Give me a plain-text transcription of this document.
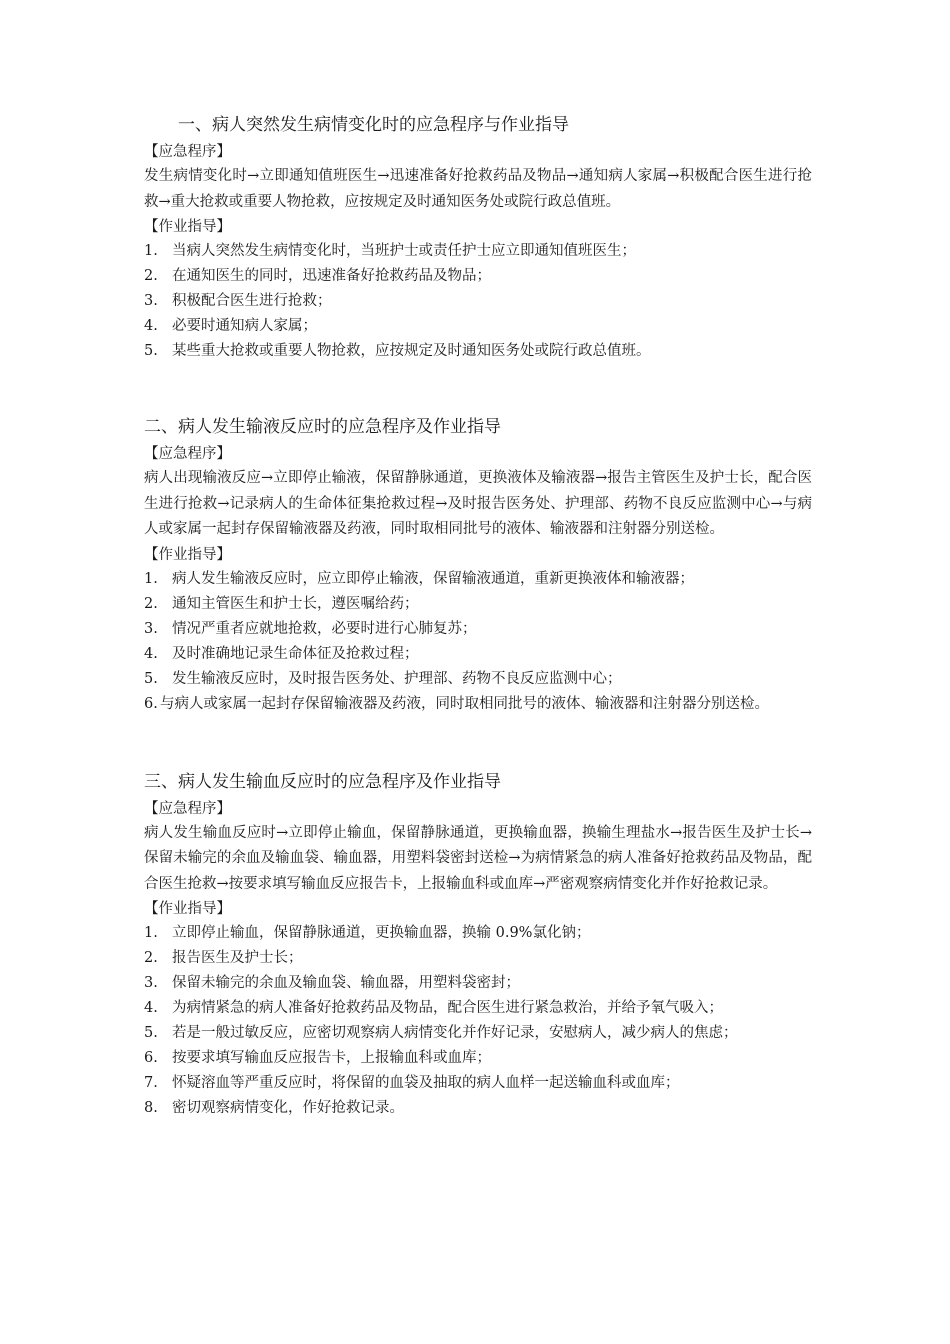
一、病人突然发生病情变化时的应急程序与作业指导
【应急程序】

发生病情变化时→立即通知值班医生→迅速准备好抢救药品及物品→通知病人家属→积极配合医生进行抢救→重大抢救或重要人物抢救，应按规定及时通知医务处或院行政总值班。

【作业指导】
1. 当病人突然发生病情变化时，当班护士或责任护士应立即通知值班医生；
2. 在通知医生的同时，迅速准备好抢救药品及物品；
3. 积极配合医生进行抢救；
4. 必要时通知病人家属；
5. 某些重大抢救或重要人物抢救，应按规定及时通知医务处或院行政总值班。
二、病人发生输液反应时的应急程序及作业指导
【应急程序】

病人出现输液反应→立即停止输液，保留静脉通道，更换液体及输液器→报告主管医生及护士长，配合医生进行抢救→记录病人的生命体征集抢救过程→及时报告医务处、护理部、药物不良反应监测中心→与病人或家属一起封存保留输液器及药液，同时取相同批号的液体、输液器和注射器分别送检。

【作业指导】
1. 病人发生输液反应时，应立即停止输液，保留输液通道，重新更换液体和输液器；
2. 通知主管医生和护士长，遵医嘱给药；
3. 情况严重者应就地抢救，必要时进行心肺复苏；
4. 及时准确地记录生命体征及抢救过程；
5. 发生输液反应时，及时报告医务处、护理部、药物不良反应监测中心；
6. 与病人或家属一起封存保留输液器及药液，同时取相同批号的液体、输液器和注射器分别送检。
三、病人发生输血反应时的应急程序及作业指导
【应急程序】

病人发生输血反应时→立即停止输血，保留静脉通道，更换输血器，换输生理盐水→报告医生及护士长→保留未输完的余血及输血袋、输血器，用塑料袋密封送检→为病情紧急的病人准备好抢救药品及物品，配合医生抢救→按要求填写输血反应报告卡，上报输血科或血库→严密观察病情变化并作好抢救记录。

【作业指导】
1. 立即停止输血，保留静脉通道，更换输血器，换输 0.9%氯化钠；
2. 报告医生及护士长；
3. 保留未输完的余血及输血袋、输血器，用塑料袋密封；
4. 为病情紧急的病人准备好抢救药品及物品，配合医生进行紧急救治，并给予氧气吸入；
5. 若是一般过敏反应，应密切观察病人病情变化并作好记录，安慰病人，减少病人的焦虑；
6. 按要求填写输血反应报告卡，上报输血科或血库；
7. 怀疑溶血等严重反应时，将保留的血袋及抽取的病人血样一起送输血科或血库；
8. 密切观察病情变化，作好抢救记录。
